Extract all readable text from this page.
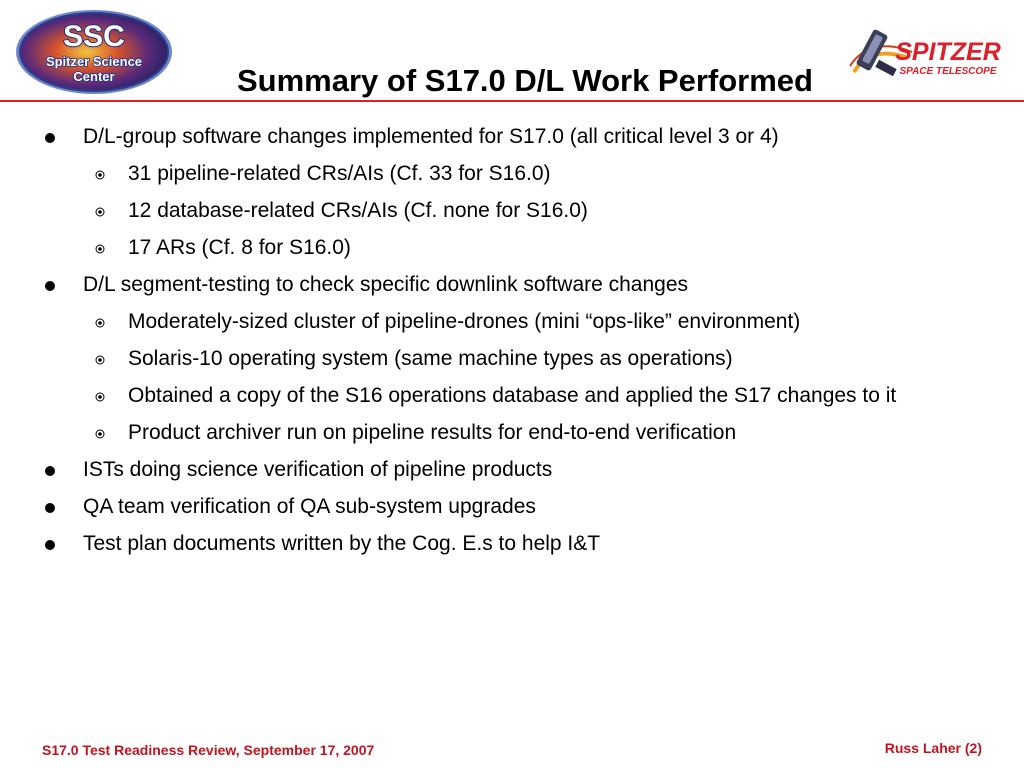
SSC
Spitzer Science
Center	Summary of S17.0 D/L Work Performed
SPITZER
SPACE TELESCOPE
D/L-group software changes implemented for S17.0 (all critical level 3 or 4)
31 pipeline-related CRs/AIs (Cf. 33 for S16.0)
12 database-related CRs/AIs (Cf. none for S16.0)
17 ARs (Cf. 8 for S16.0)
D/L segment-testing to check specific downlink software changes
Moderately-sized cluster of pipeline-drones (mini “ops-like” environment)
Solaris-10 operating system (same machine types as operations)
Obtained a copy of the S16 operations database and applied the S17 changes to it
Product archiver run on pipeline results for end-to-end verification
ISTs doing science verification of pipeline products
QA team verification of QA sub-system upgrades
Test plan documents written by the Cog. E.s to help I&T
S17.0 Test Readiness Review, September 17, 2007	Russ Laher (2)
